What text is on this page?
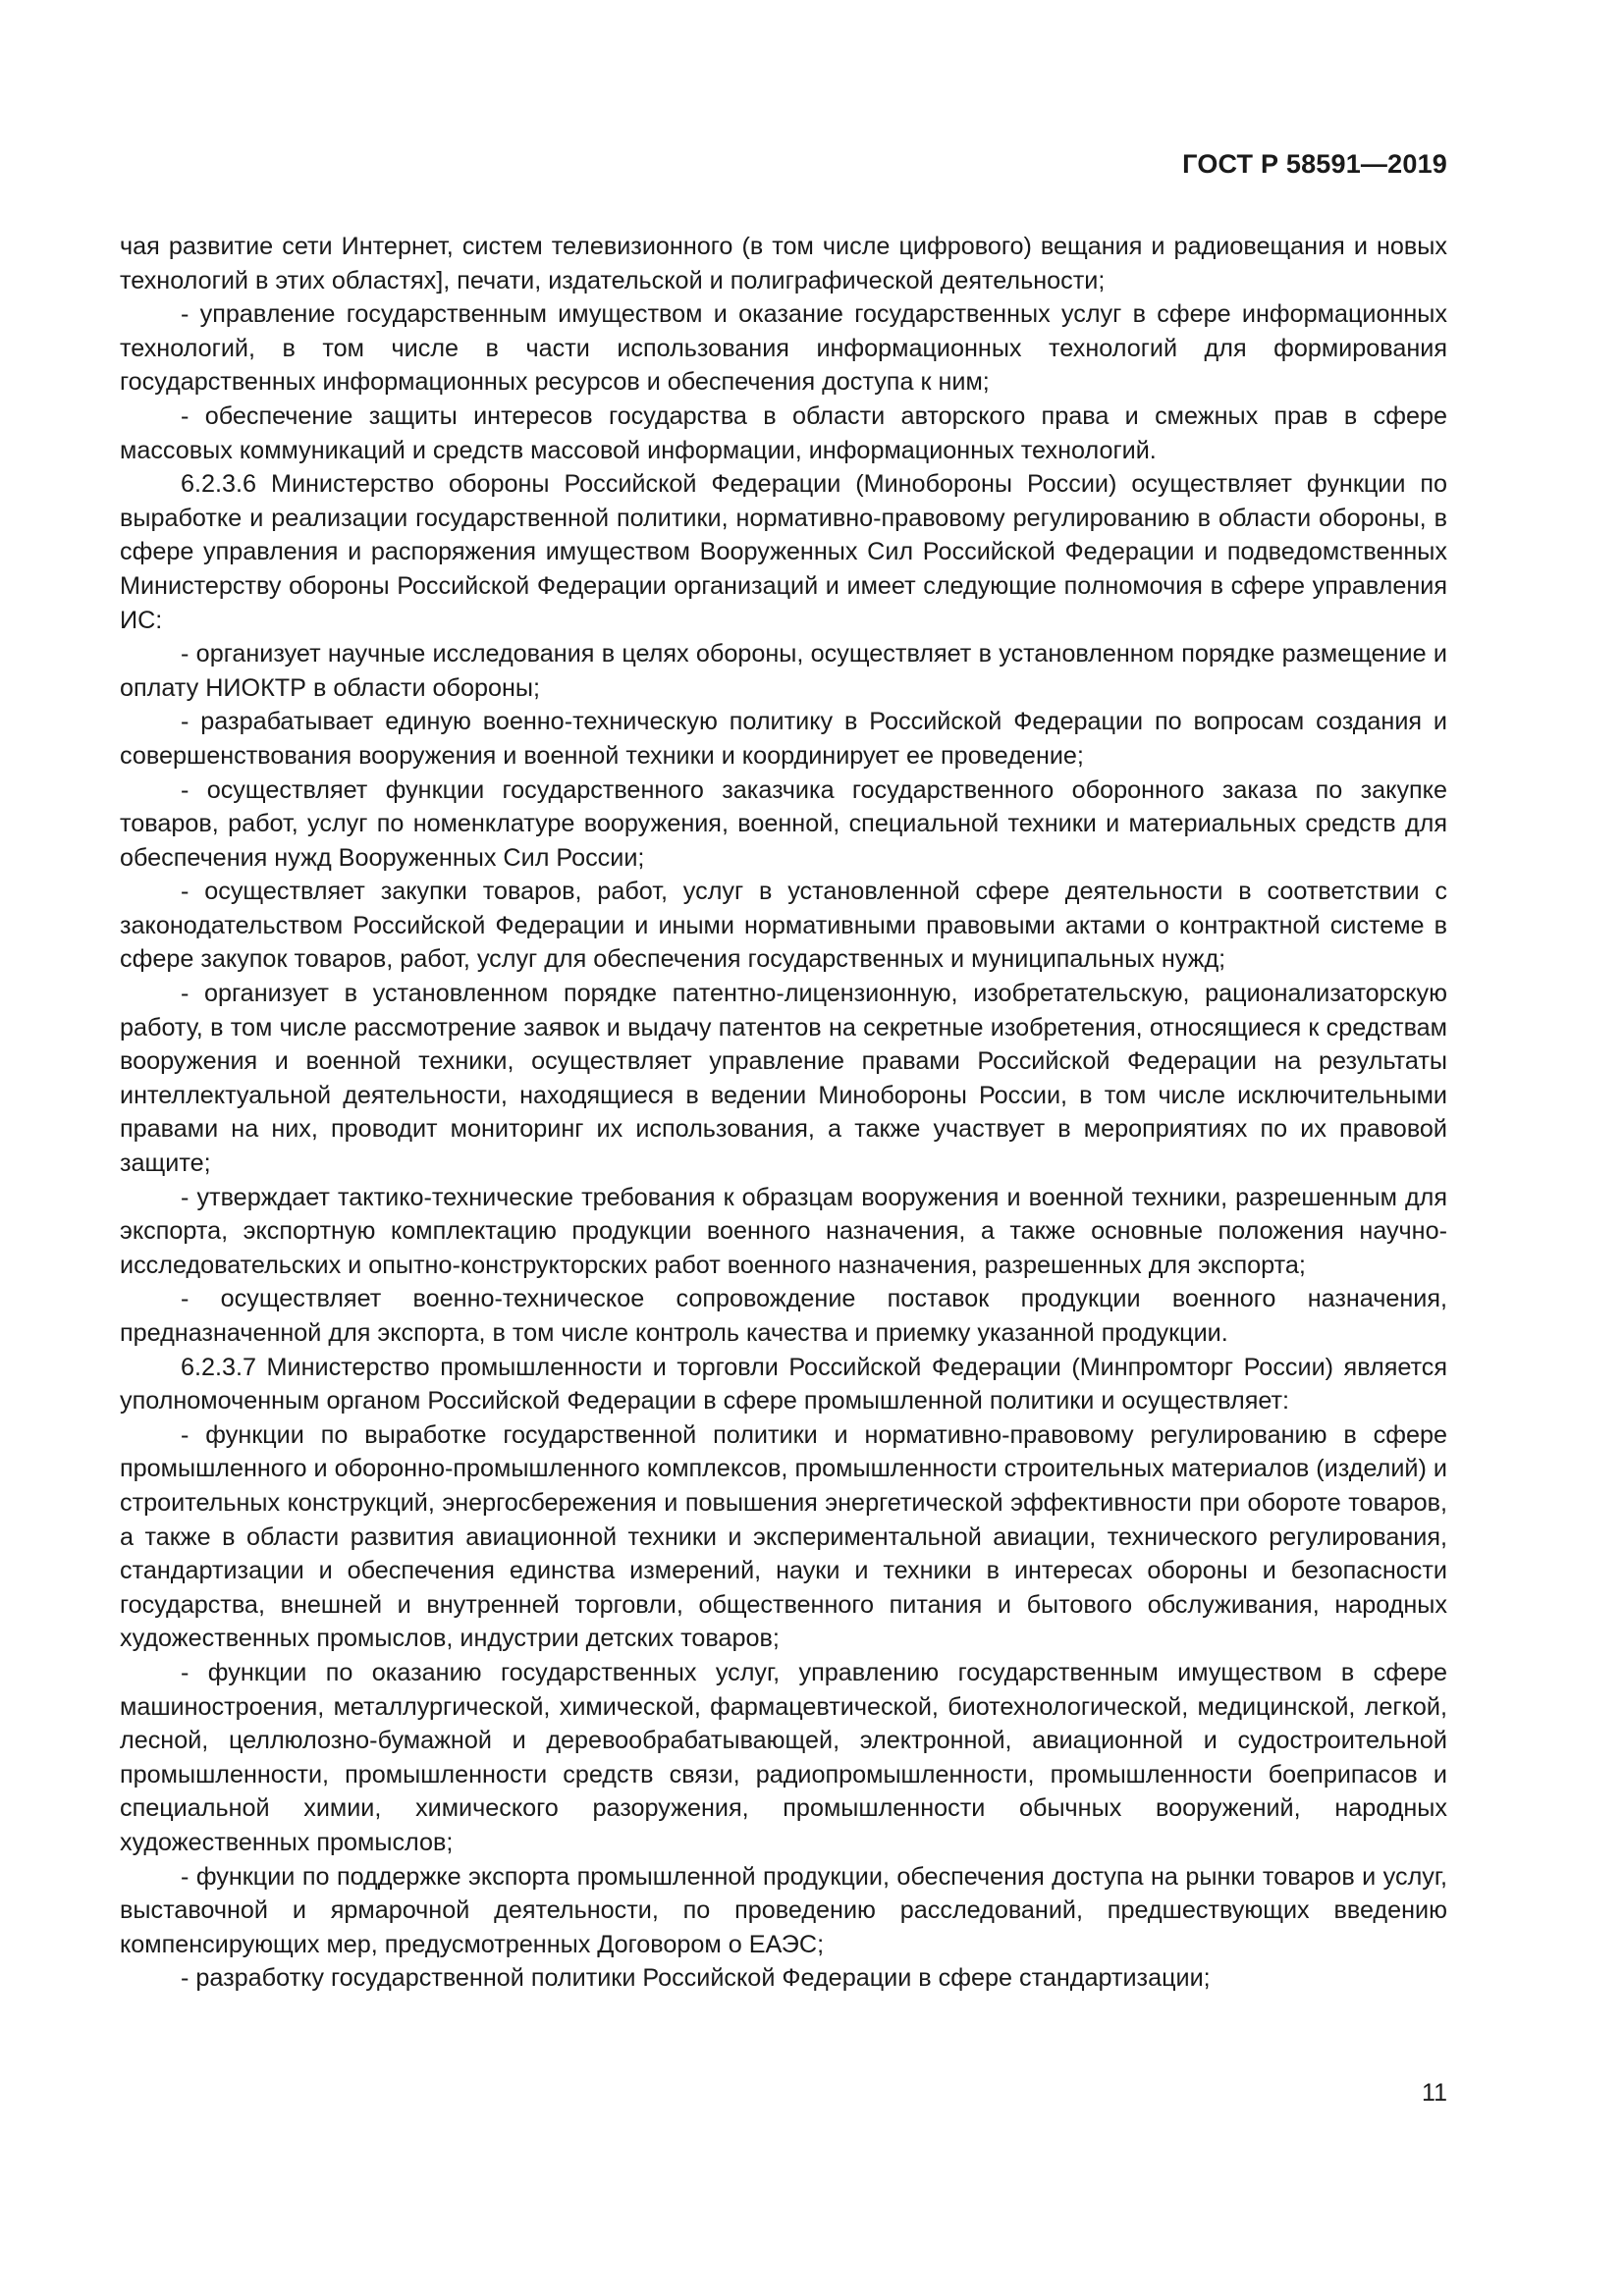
ГОСТ Р 58591—2019

чая развитие сети Интернет, систем телевизионного (в том числе цифрового) вещания и радиовещания и новых технологий в этих областях], печати, издательской и полиграфической деятельности;

- управление государственным имуществом и оказание государственных услуг в сфере информационных технологий, в том числе в части использования информационных технологий для формирования государственных информационных ресурсов и обеспечения доступа к ним;

- обеспечение защиты интересов государства в области авторского права и смежных прав в сфере массовых коммуникаций и средств массовой информации, информационных технологий.

6.2.3.6 Министерство обороны Российской Федерации (Минобороны России) осуществляет функции по выработке и реализации государственной политики, нормативно-правовому регулированию в области обороны, в сфере управления и распоряжения имуществом Вооруженных Сил Российской Федерации и подведомственных Министерству обороны Российской Федерации организаций и имеет следующие полномочия в сфере управления ИС:

- организует научные исследования в целях обороны, осуществляет в установленном порядке размещение и оплату НИОКТР в области обороны;

- разрабатывает единую военно-техническую политику в Российской Федерации по вопросам создания и совершенствования вооружения и военной техники и координирует ее проведение;

- осуществляет функции государственного заказчика государственного оборонного заказа по закупке товаров, работ, услуг по номенклатуре вооружения, военной, специальной техники и материальных средств для обеспечения нужд Вооруженных Сил России;

- осуществляет закупки товаров, работ, услуг в установленной сфере деятельности в соответствии с законодательством Российской Федерации и иными нормативными правовыми актами о контрактной системе в сфере закупок товаров, работ, услуг для обеспечения государственных и муниципальных нужд;

- организует в установленном порядке патентно-лицензионную, изобретательскую, рационализаторскую работу, в том числе рассмотрение заявок и выдачу патентов на секретные изобретения, относящиеся к средствам вооружения и военной техники, осуществляет управление правами Российской Федерации на результаты интеллектуальной деятельности, находящиеся в ведении Минобороны России, в том числе исключительными правами на них, проводит мониторинг их использования, а также участвует в мероприятиях по их правовой защите;

- утверждает тактико-технические требования к образцам вооружения и военной техники, разрешенным для экспорта, экспортную комплектацию продукции военного назначения, а также основные положения научно-исследовательских и опытно-конструкторских работ военного назначения, разрешенных для экспорта;

- осуществляет военно-техническое сопровождение поставок продукции военного назначения, предназначенной для экспорта, в том числе контроль качества и приемку указанной продукции.

6.2.3.7 Министерство промышленности и торговли Российской Федерации (Минпромторг России) является уполномоченным органом Российской Федерации в сфере промышленной политики и осуществляет:

- функции по выработке государственной политики и нормативно-правовому регулированию в сфере промышленного и оборонно-промышленного комплексов, промышленности строительных материалов (изделий) и строительных конструкций, энергосбережения и повышения энергетической эффективности при обороте товаров, а также в области развития авиационной техники и экспериментальной авиации, технического регулирования, стандартизации и обеспечения единства измерений, науки и техники в интересах обороны и безопасности государства, внешней и внутренней торговли, общественного питания и бытового обслуживания, народных художественных промыслов, индустрии детских товаров;

- функции по оказанию государственных услуг, управлению государственным имуществом в сфере машиностроения, металлургической, химической, фармацевтической, биотехнологической, медицинской, легкой, лесной, целлюлозно-бумажной и деревообрабатывающей, электронной, авиационной и судостроительной промышленности, промышленности средств связи, радиопромышленности, промышленности боеприпасов и специальной химии, химического разоружения, промышленности обычных вооружений, народных художественных промыслов;

- функции по поддержке экспорта промышленной продукции, обеспечения доступа на рынки товаров и услуг, выставочной и ярмарочной деятельности, по проведению расследований, предшествующих введению компенсирующих мер, предусмотренных Договором о ЕАЭС;

- разработку государственной политики Российской Федерации в сфере стандартизации;

11
